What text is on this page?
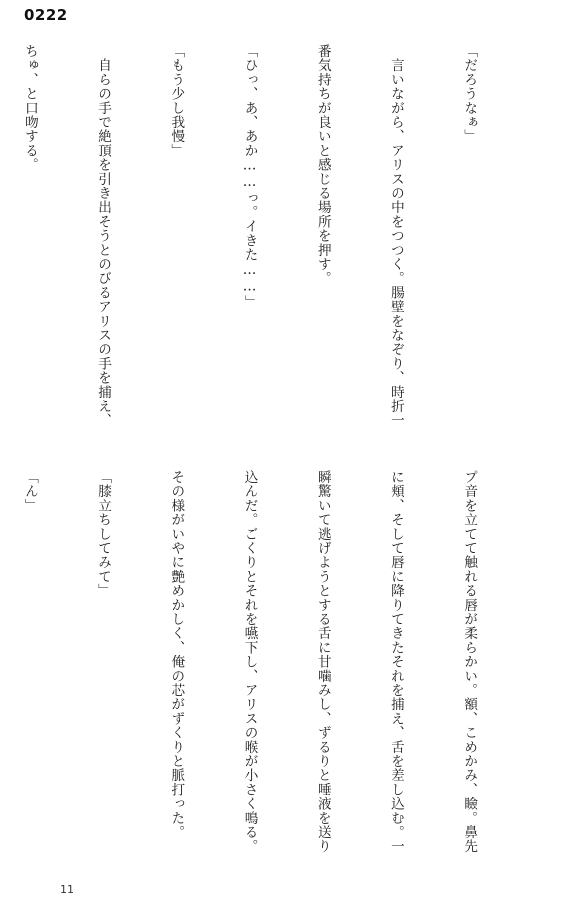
0222

「だろうなぁ」

　言いながら、アリスの中をつつく。腸壁をなぞり、時折一

番気持ちが良いと感じる場所を押す。

「ひっ、あ、あか……っ。イきた……」

「もう少し我慢」

　自らの手で絶頂を引き出そうとのびるアリスの手を捕え、

ちゅ、と口吻する。

プ音を立てて触れる唇が柔らかい。額、こめかみ、瞼。鼻先

に頬、そして唇に降りてきたそれを捕え、舌を差し込む。一

瞬驚いて逃げようとする舌に甘噛みし、ずるりと唾液を送り

込んだ。ごくりとそれを嚥下し、アリスの喉が小さく鳴る。

その様がいやに艶めかしく、俺の芯がずくりと脈打った。

「膝立ちしてみて」

「ん」

11
